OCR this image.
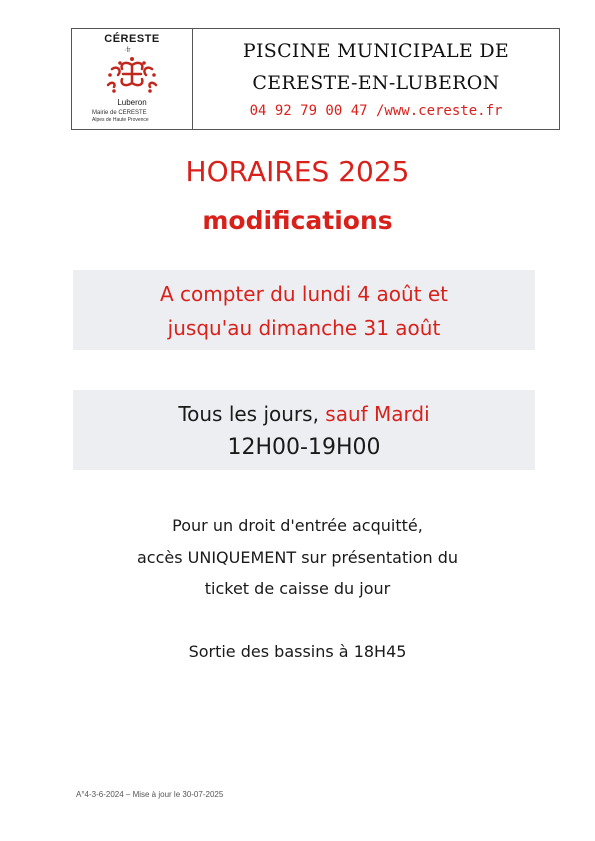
CÉRESTE
·fr
Luberon
Mairie de CERESTE
Alpes de Haute Provence
PISCINE MUNICIPALE DE
CERESTE-EN-LUBERON
04 92 79 00 47 /www.cereste.fr
HORAIRES 2025
modifications
A compter du lundi 4 août et
jusqu'au dimanche 31 août
Tous les jours, sauf Mardi
12H00-19H00
Pour un droit d'entrée acquitté,
accès UNIQUEMENT sur présentation du
ticket de caisse du jour
Sortie des bassins à 18H45
A°4-3-6-2024 – Mise à jour le 30-07-2025
